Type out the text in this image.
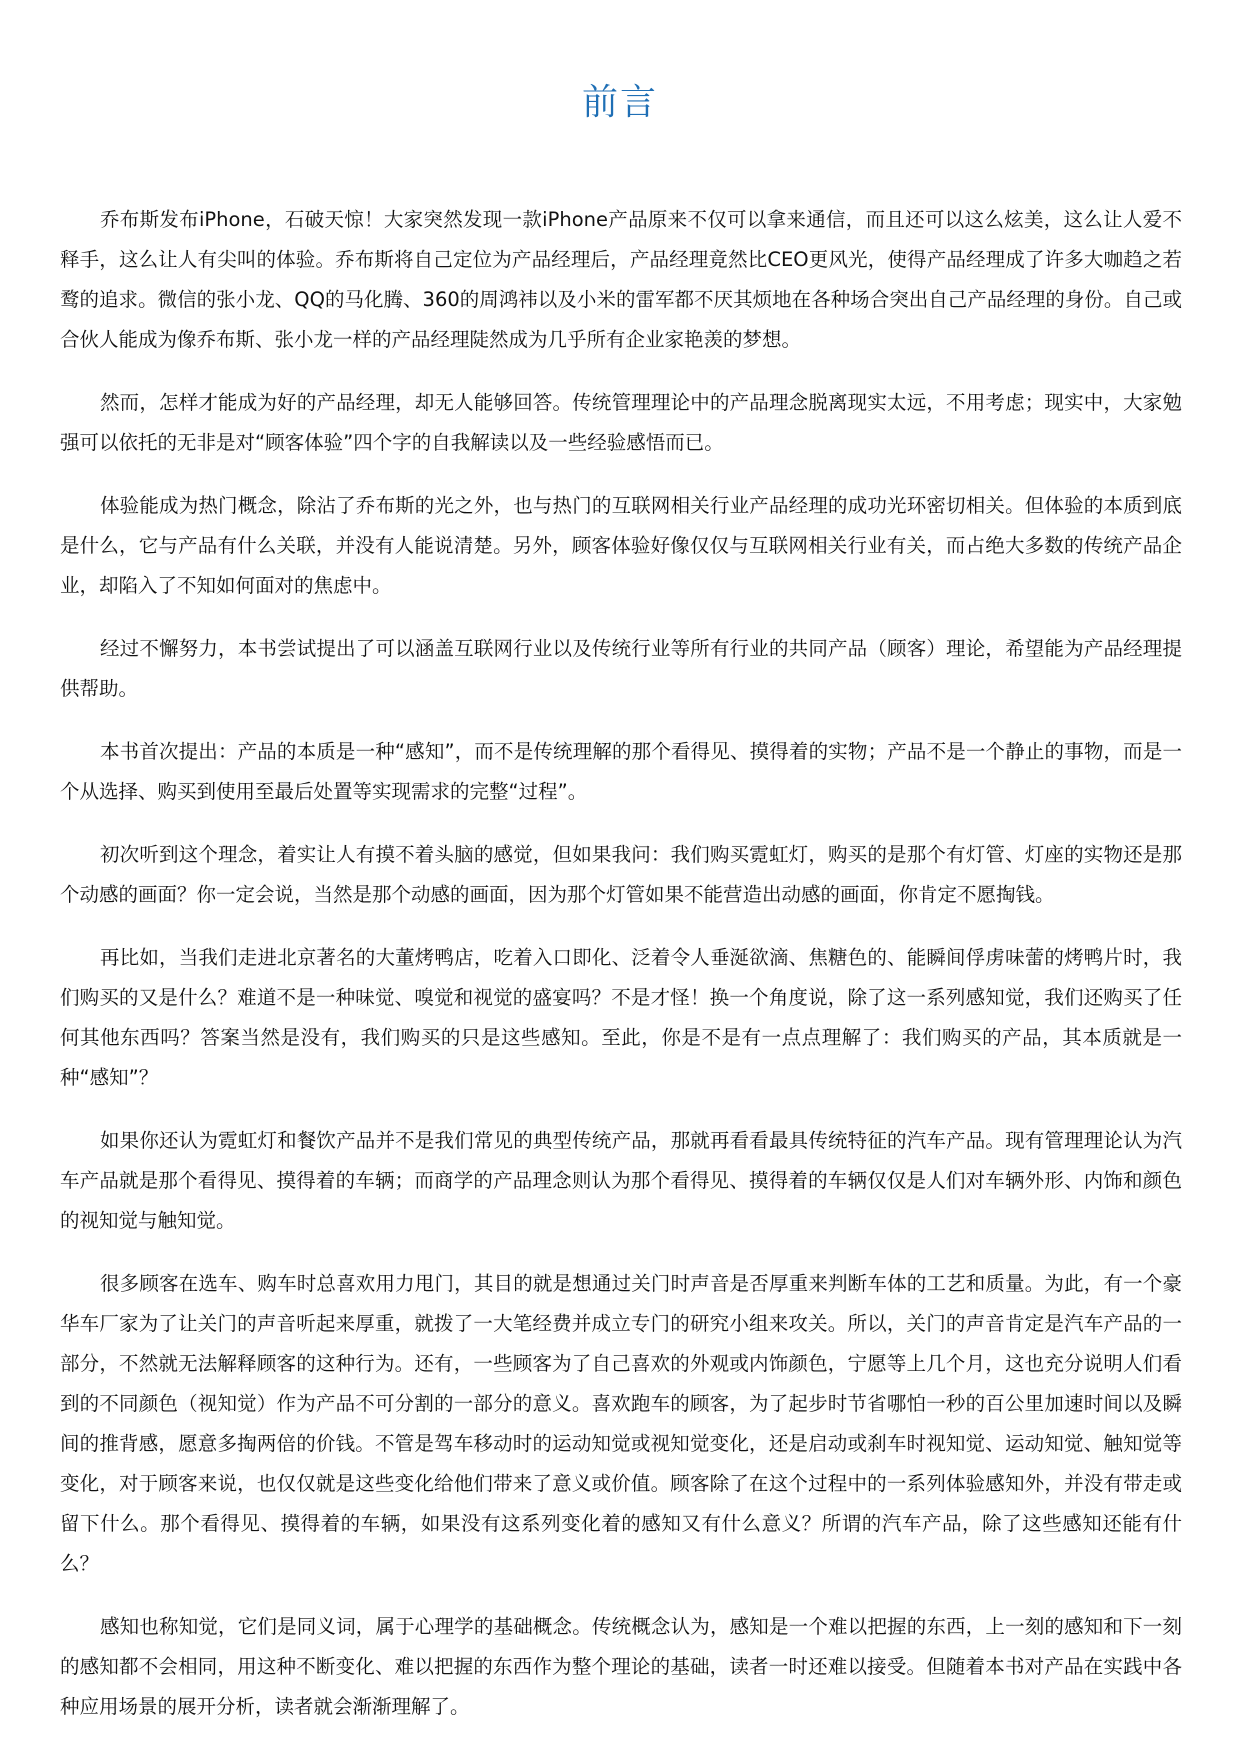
前言

乔布斯发布iPhone，石破天惊！大家突然发现一款iPhone产品原来不仅可以拿来通信，而且还可以这么炫美，这么让人爱不释手，这么让人有尖叫的体验。乔布斯将自己定位为产品经理后，产品经理竟然比CEO更风光，使得产品经理成了许多大咖趋之若鹜的追求。微信的张小龙、QQ的马化腾、360的周鸿祎以及小米的雷军都不厌其烦地在各种场合突出自己产品经理的身份。自己或合伙人能成为像乔布斯、张小龙一样的产品经理陡然成为几乎所有企业家艳羡的梦想。

然而，怎样才能成为好的产品经理，却无人能够回答。传统管理理论中的产品理念脱离现实太远，不用考虑；现实中，大家勉强可以依托的无非是对“顾客体验”四个字的自我解读以及一些经验感悟而已。

体验能成为热门概念，除沾了乔布斯的光之外，也与热门的互联网相关行业产品经理的成功光环密切相关。但体验的本质到底是什么，它与产品有什么关联，并没有人能说清楚。另外，顾客体验好像仅仅与互联网相关行业有关，而占绝大多数的传统产品企业，却陷入了不知如何面对的焦虑中。

经过不懈努力，本书尝试提出了可以涵盖互联网行业以及传统行业等所有行业的共同产品（顾客）理论，希望能为产品经理提供帮助。

本书首次提出：产品的本质是一种“感知”，而不是传统理解的那个看得见、摸得着的实物；产品不是一个静止的事物，而是一个从选择、购买到使用至最后处置等实现需求的完整“过程”。

初次听到这个理念，着实让人有摸不着头脑的感觉，但如果我问：我们购买霓虹灯，购买的是那个有灯管、灯座的实物还是那个动感的画面？你一定会说，当然是那个动感的画面，因为那个灯管如果不能营造出动感的画面，你肯定不愿掏钱。

再比如，当我们走进北京著名的大董烤鸭店，吃着入口即化、泛着令人垂涎欲滴、焦糖色的、能瞬间俘虏味蕾的烤鸭片时，我们购买的又是什么？难道不是一种味觉、嗅觉和视觉的盛宴吗？不是才怪！换一个角度说，除了这一系列感知觉，我们还购买了任何其他东西吗？答案当然是没有，我们购买的只是这些感知。至此，你是不是有一点点理解了：我们购买的产品，其本质就是一种“感知”？

如果你还认为霓虹灯和餐饮产品并不是我们常见的典型传统产品，那就再看看最具传统特征的汽车产品。现有管理理论认为汽车产品就是那个看得见、摸得着的车辆；而商学的产品理念则认为那个看得见、摸得着的车辆仅仅是人们对车辆外形、内饰和颜色的视知觉与触知觉。

很多顾客在选车、购车时总喜欢用力甩门，其目的就是想通过关门时声音是否厚重来判断车体的工艺和质量。为此，有一个豪华车厂家为了让关门的声音听起来厚重，就拨了一大笔经费并成立专门的研究小组来攻关。所以，关门的声音肯定是汽车产品的一部分，不然就无法解释顾客的这种行为。还有，一些顾客为了自己喜欢的外观或内饰颜色，宁愿等上几个月，这也充分说明人们看到的不同颜色（视知觉）作为产品不可分割的一部分的意义。喜欢跑车的顾客，为了起步时节省哪怕一秒的百公里加速时间以及瞬间的推背感，愿意多掏两倍的价钱。不管是驾车移动时的运动知觉或视知觉变化，还是启动或刹车时视知觉、运动知觉、触知觉等变化，对于顾客来说，也仅仅就是这些变化给他们带来了意义或价值。顾客除了在这个过程中的一系列体验感知外，并没有带走或留下什么。那个看得见、摸得着的车辆，如果没有这系列变化着的感知又有什么意义？所谓的汽车产品，除了这些感知还能有什么？

感知也称知觉，它们是同义词，属于心理学的基础概念。传统概念认为，感知是一个难以把握的东西，上一刻的感知和下一刻的感知都不会相同，用这种不断变化、难以把握的东西作为整个理论的基础，读者一时还难以接受。但随着本书对产品在实践中各种应用场景的展开分析，读者就会渐渐理解了。
